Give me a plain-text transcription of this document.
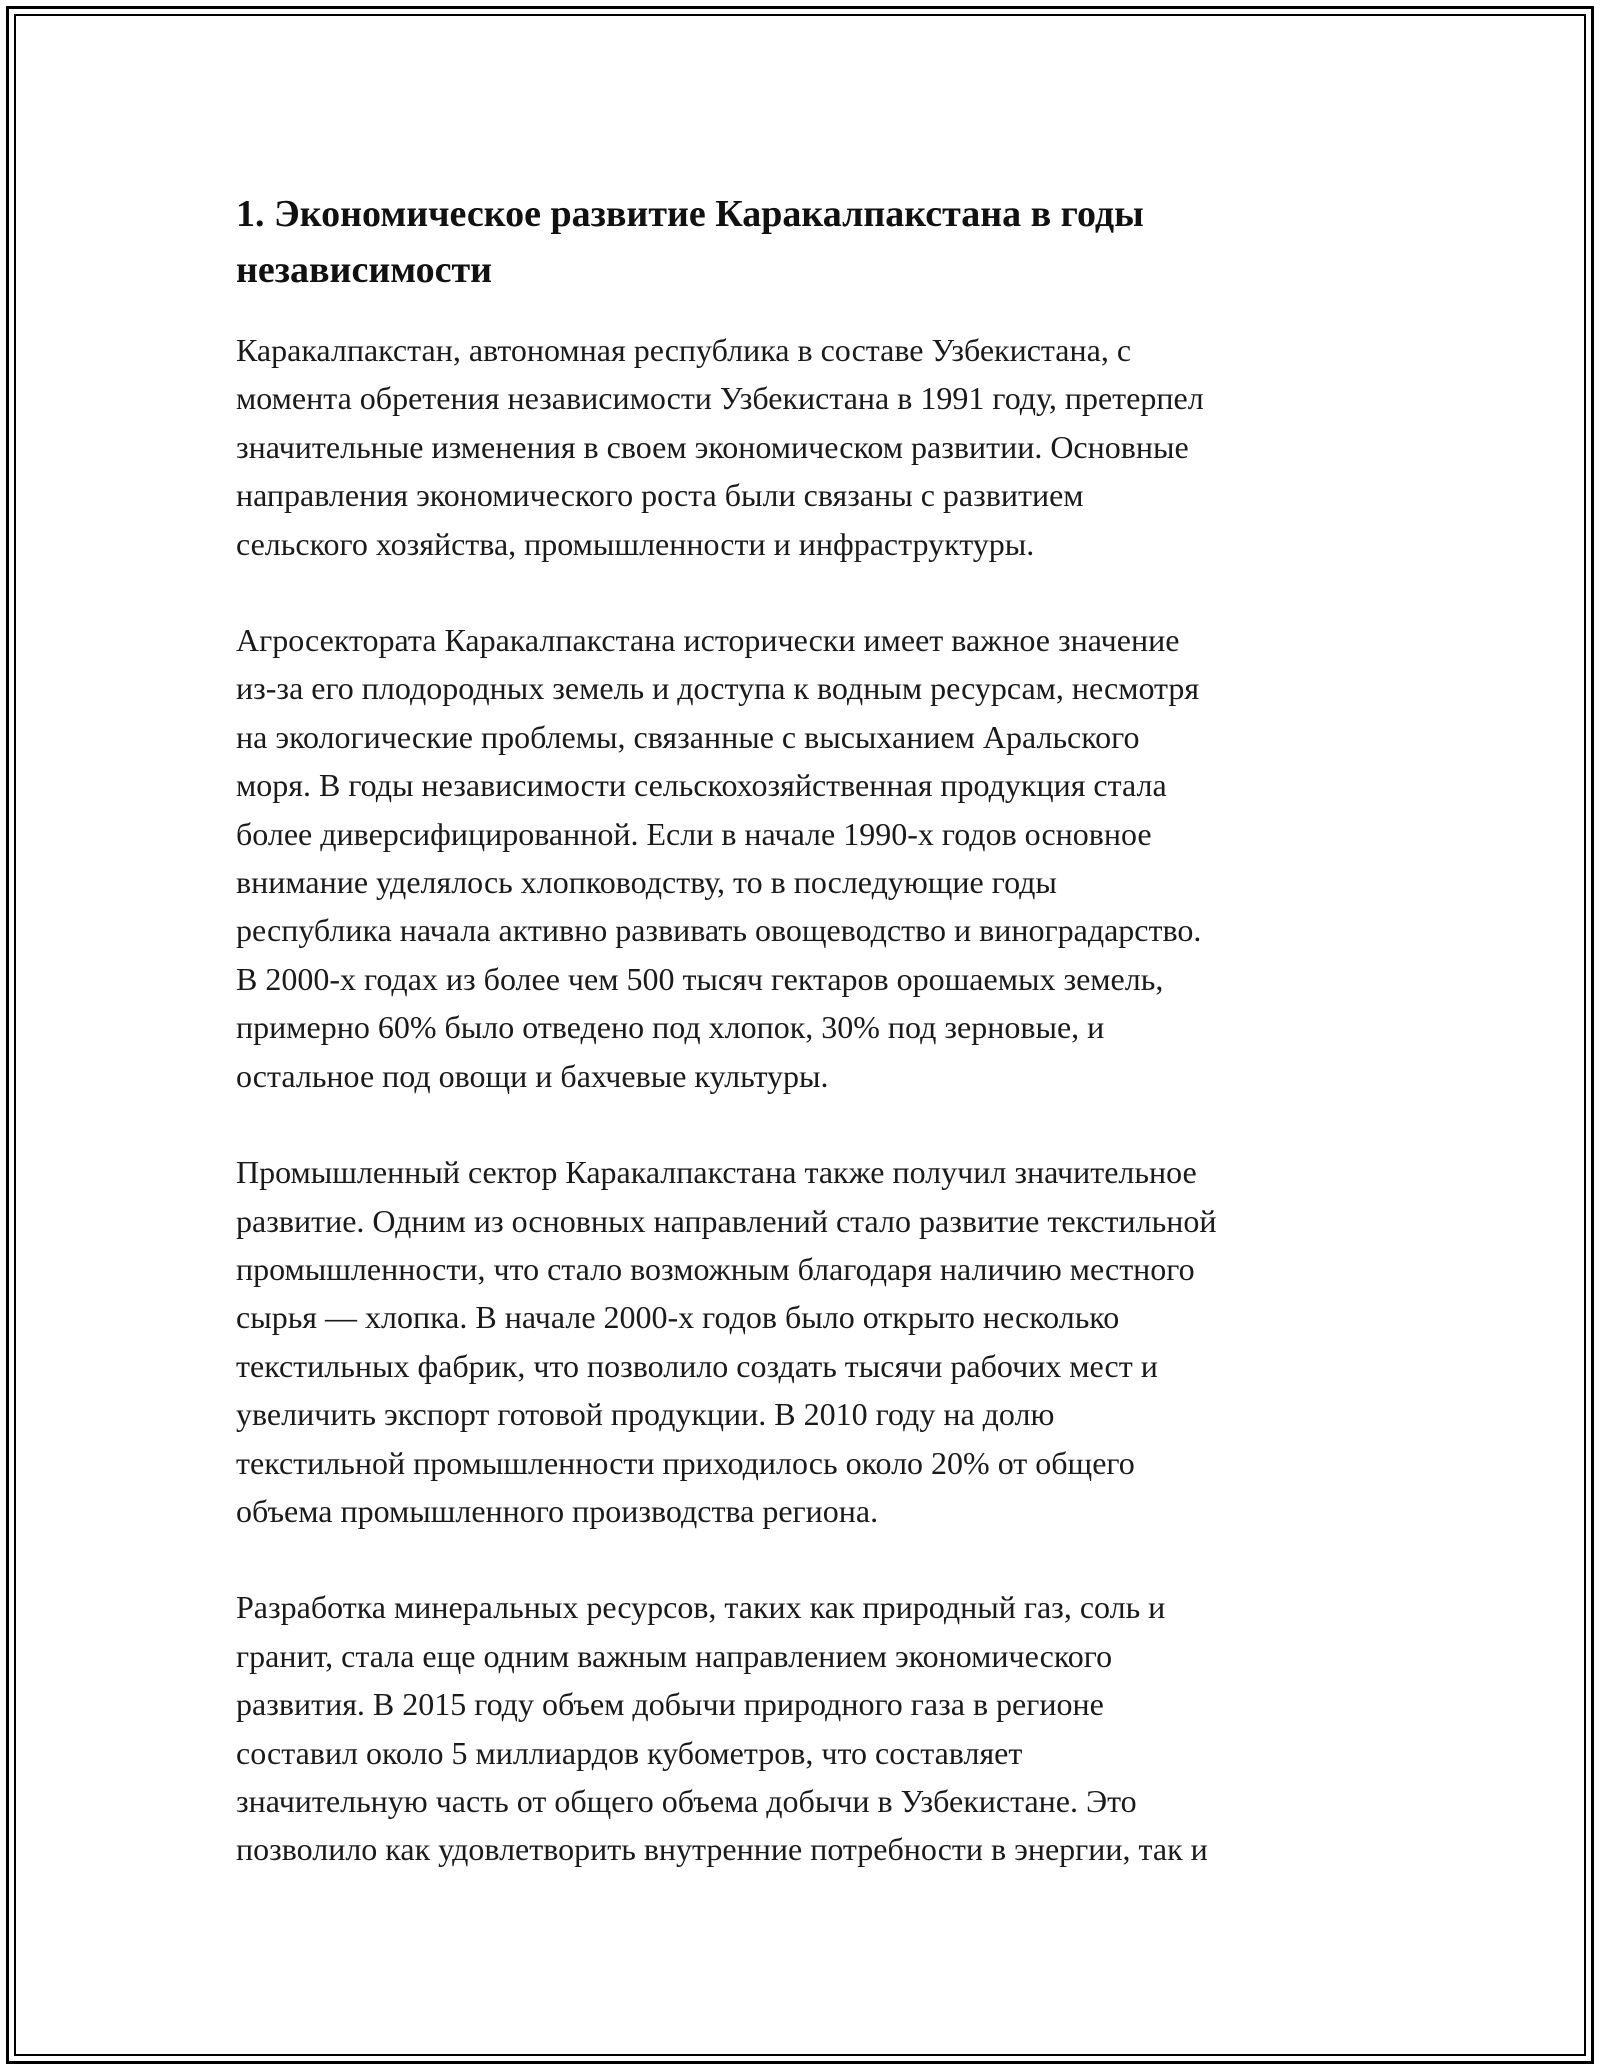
1. Экономическое развитие Каракалпакстана в годы
независимости

Каракалпакстан, автономная республика в составе Узбекистана, с
момента обретения независимости Узбекистана в 1991 году, претерпел
значительные изменения в своем экономическом развитии. Основные
направления экономического роста были связаны с развитием
сельского хозяйства, промышленности и инфраструктуры.

Агросектората Каракалпакстана исторически имеет важное значение
из-за его плодородных земель и доступа к водным ресурсам, несмотря
на экологические проблемы, связанные с высыханием Аральского
моря. В годы независимости сельскохозяйственная продукция стала
более диверсифицированной. Если в начале 1990-х годов основное
внимание уделялось хлопководству, то в последующие годы
республика начала активно развивать овощеводство и виноградарство.
В 2000-х годах из более чем 500 тысяч гектаров орошаемых земель,
примерно 60% было отведено под хлопок, 30% под зерновые, и
остальное под овощи и бахчевые культуры.

Промышленный сектор Каракалпакстана также получил значительное
развитие. Одним из основных направлений стало развитие текстильной
промышленности, что стало возможным благодаря наличию местного
сырья — хлопка. В начале 2000-х годов было открыто несколько
текстильных фабрик, что позволило создать тысячи рабочих мест и
увеличить экспорт готовой продукции. В 2010 году на долю
текстильной промышленности приходилось около 20% от общего
объема промышленного производства региона.

Разработка минеральных ресурсов, таких как природный газ, соль и
гранит, стала еще одним важным направлением экономического
развития. В 2015 году объем добычи природного газа в регионе
составил около 5 миллиардов кубометров, что составляет
значительную часть от общего объема добычи в Узбекистане. Это
позволило как удовлетворить внутренние потребности в энергии, так и
